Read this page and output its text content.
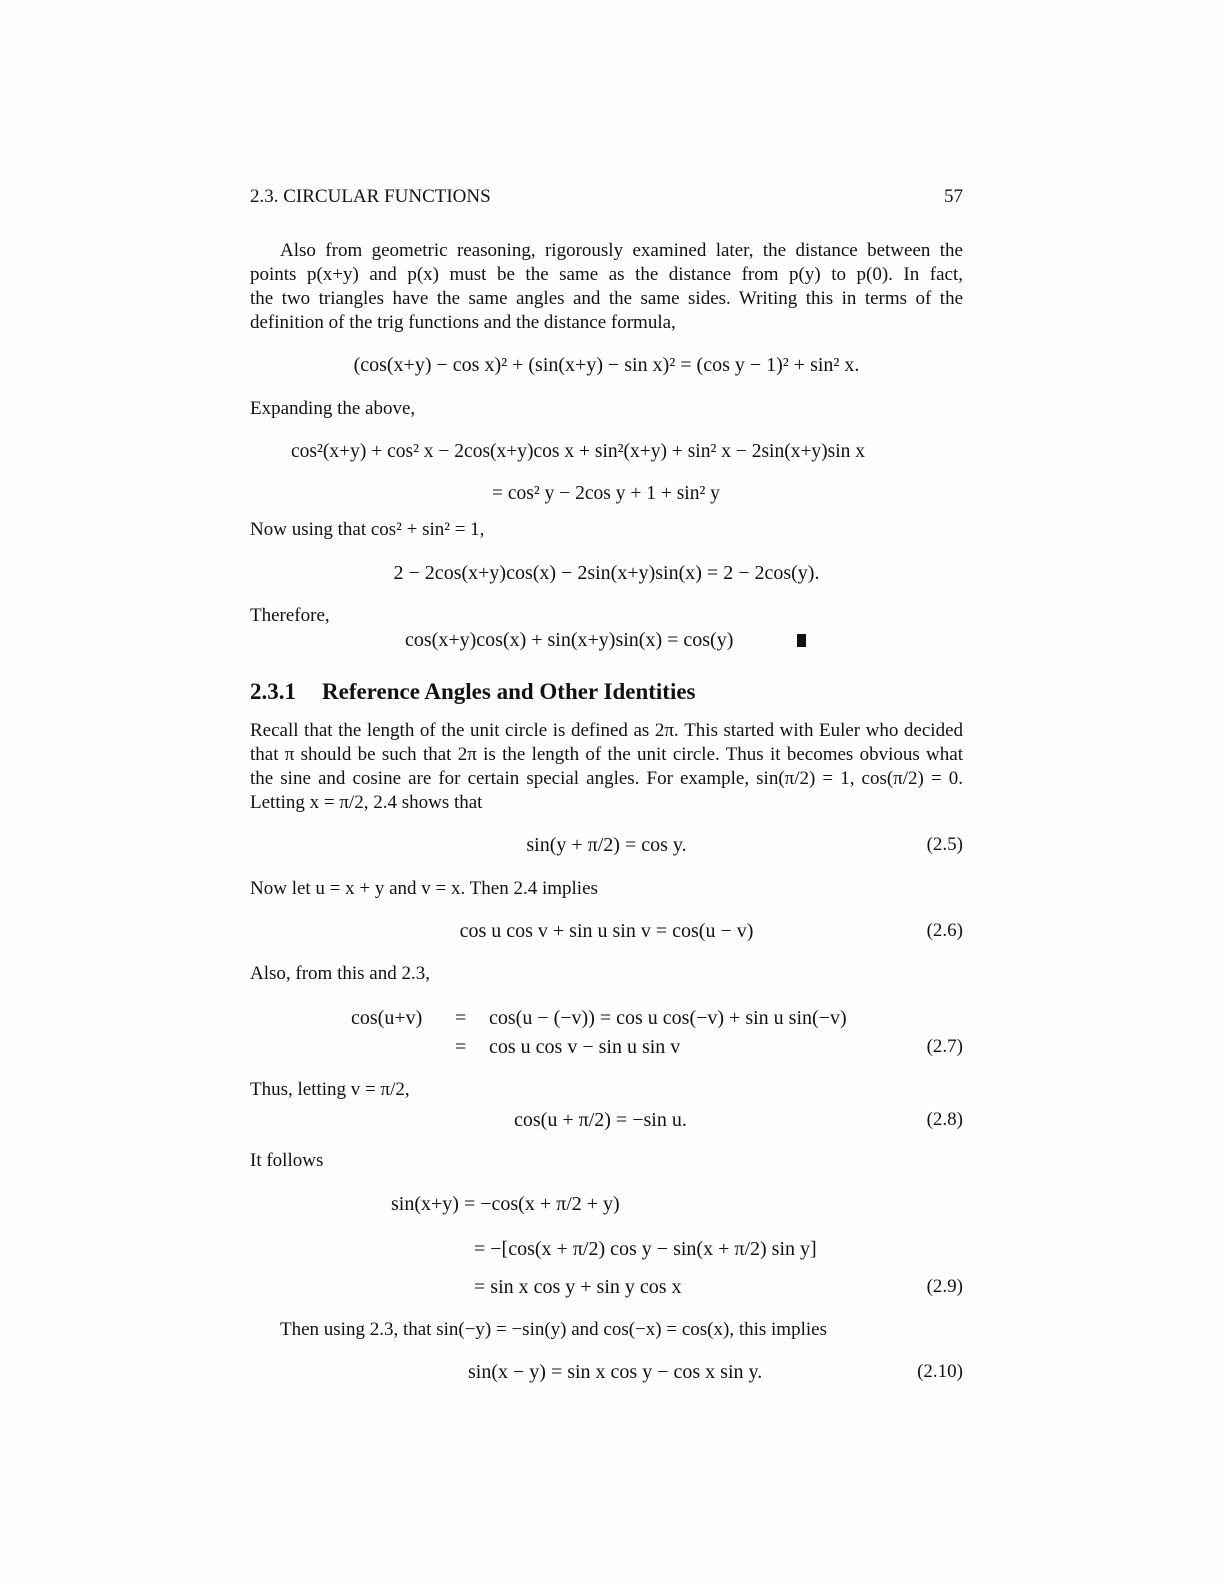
2.3. CIRCULAR FUNCTIONS	57
Also from geometric reasoning, rigorously examined later, the distance between the
points p(x+y) and p(x) must be the same as the distance from p(y) to p(0). In fact,
the two triangles have the same angles and the same sides. Writing this in terms of the
definition of the trig functions and the distance formula,
(cos(x+y) − cos x)² + (sin(x+y) − sin x)² = (cos y − 1)² + sin² x.
Expanding the above,
cos²(x+y) + cos² x − 2cos(x+y)cos x + sin²(x+y) + sin² x − 2sin(x+y)sin x
= cos² y − 2cos y + 1 + sin² y
Now using that cos² + sin² = 1,
2 − 2cos(x+y)cos(x) − 2sin(x+y)sin(x) = 2 − 2cos(y).
Therefore,
cos(x+y)cos(x) + sin(x+y)sin(x) = cos(y)
2.3.1 Reference Angles and Other Identities
Recall that the length of the unit circle is defined as 2π. This started with Euler who decided
that π should be such that 2π is the length of the unit circle. Thus it becomes obvious what
the sine and cosine are for certain special angles. For example, sin(π/2) = 1, cos(π/2) = 0.
Letting x = π/2, 2.4 shows that
sin(y + π/2) = cos y.	(2.5)
Now let u = x + y and v = x. Then 2.4 implies
cos u cos v + sin u sin v = cos(u − v)	(2.6)
Also, from this and 2.3,
cos(u+v) = cos(u − (−v)) = cos u cos(−v) + sin u sin(−v)
= cos u cos v − sin u sin v	(2.7)
Thus, letting v = π/2,
cos(u + π/2) = −sin u.	(2.8)
It follows
sin(x+y) = −cos(x + π/2 + y)
= −[cos(x + π/2) cos y − sin(x + π/2) sin y]
= sin x cos y + sin y cos x	(2.9)
Then using 2.3, that sin(−y) = −sin(y) and cos(−x) = cos(x), this implies
sin(x − y) = sin x cos y − cos x sin y.	(2.10)
